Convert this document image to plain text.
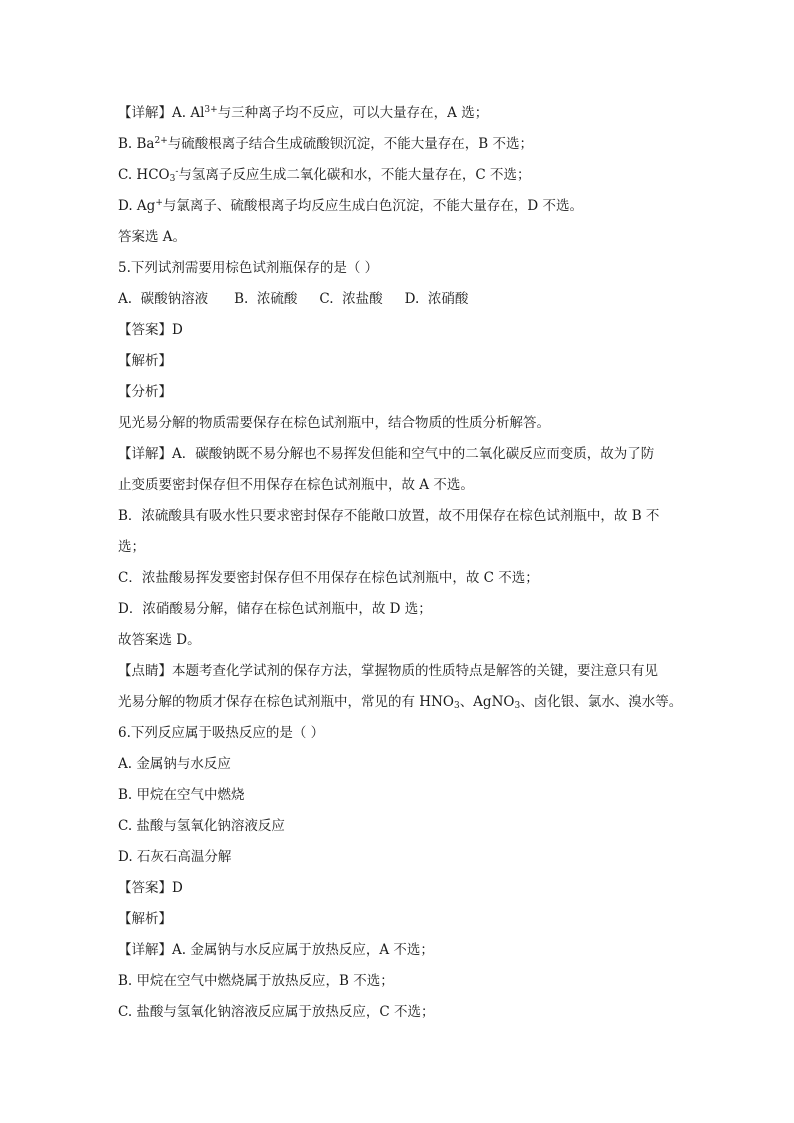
【详解】A. $Al^{3+}$与三种离子均不反应，可以大量存在，A 选；
B. $Ba^{2+}$与硫酸根离子结合生成硫酸钡沉淀，不能大量存在，B 不选；
C. $HCO_3^-$与氢离子反应生成二氧化碳和水，不能大量存在，C 不选；
D. Ag+与氯离子、硫酸根离子均反应生成白色沉淀，不能大量存在，D 不选。
答案选 A。
5.下列试剂需要用棕色试剂瓶保存的是（ ）
A.  碳酸钠溶液 B.  浓硫酸 C.  浓盐酸 D.  浓硝酸
【答案】D
【解析】
【分析】
见光易分解的物质需要保存在棕色试剂瓶中，结合物质的性质分析解答。
【详解】A．碳酸钠既不易分解也不易挥发但能和空气中的二氧化碳反应而变质，故为了防
止变质要密封保存但不用保存在棕色试剂瓶中，故 A 不选。
B．浓硫酸具有吸水性只要求密封保存不能敞口放置，故不用保存在棕色试剂瓶中，故 B 不
选；
C．浓盐酸易挥发要密封保存但不用保存在棕色试剂瓶中，故 C 不选；
D．浓硝酸易分解，储存在棕色试剂瓶中，故 D 选；
故答案选 D。
【点睛】本题考查化学试剂的保存方法，掌握物质的性质特点是解答的关键，要注意只有见
光易分解的物质才保存在棕色试剂瓶中，常见的有 $HNO_3$、AgNO$_3$、卤化银、氯水、溴水等。
6.下列反应属于吸热反应的是（ ）
A. 金属钠与水反应
B. 甲烷在空气中燃烧
C. 盐酸与氢氧化钠溶液反应
D. 石灰石高温分解
【答案】D
【解析】
【详解】A. 金属钠与水反应属于放热反应，A 不选；
B. 甲烷在空气中燃烧属于放热反应，B 不选；
C. 盐酸与氢氧化钠溶液反应属于放热反应，C 不选；
